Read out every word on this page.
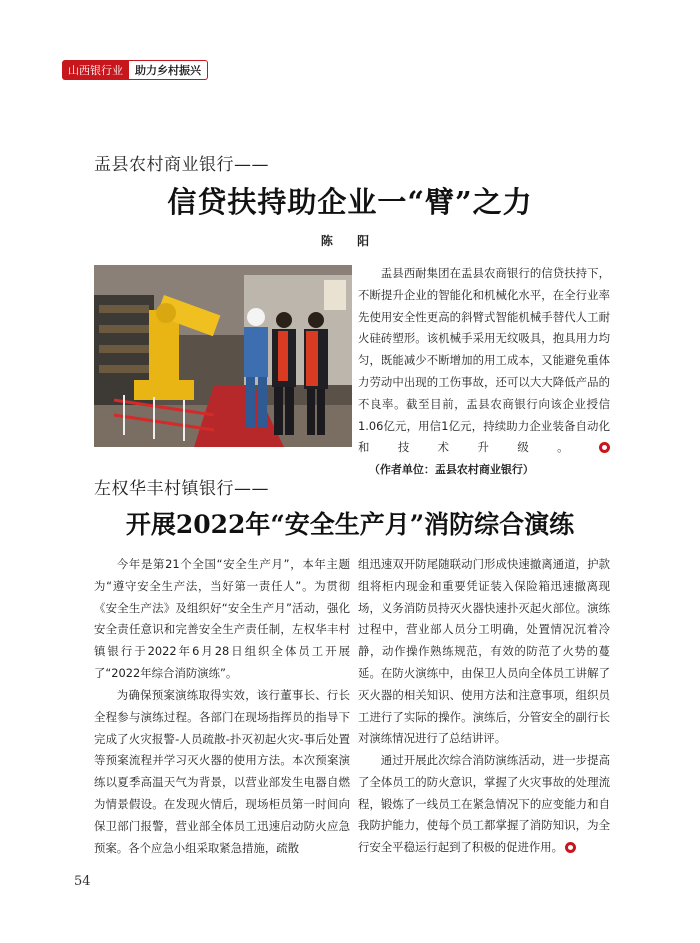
山西银行业	助力乡村振兴
盂县农村商业银行——
信贷扶持助企业一“臂”之力
陈 阳

盂县西耐集团在盂县农商银行的信贷扶持下，不断提升企业的智能化和机械化水平，在全行业率先使用安全性更高的斜臂式智能机械手替代人工耐火硅砖塑形。该机械手采用无纹吸具，抱具用力均匀，既能减少不断增加的用工成本，又能避免重体力劳动中出现的工伤事故，还可以大大降低产品的不良率。截至目前，盂县农商银行向该企业授信1.06亿元，用信1亿元，持续助力企业装备自动化和技术升级。   （作者单位：盂县农村商业银行）

左权华丰村镇银行——
开展2022年“安全生产月”消防综合演练

今年是第21个全国“安全生产月”，本年主题为“遵守安全生产法，当好第一责任人”。为贯彻《安全生产法》及组织好“安全生产月”活动，强化安全责任意识和完善安全生产责任制，左权华丰村镇银行于2022年6月28日组织全体员工开展了“2022年综合消防演练”。

为确保预案演练取得实效，该行董事长、行长全程参与演练过程。各部门在现场指挥员的指导下完成了火灾报警-人员疏散-扑灭初起火灾-事后处置等预案流程并学习灭火器的使用方法。本次预案演练以夏季高温天气为背景，以营业部发生电器自燃为情景假设。在发现火情后，现场柜员第一时间向保卫部门报警，营业部全体员工迅速启动防火应急预案。各个应急小组采取紧急措施，疏散

组迅速双开防尾随联动门形成快速撤离通道，护款组将柜内现金和重要凭证装入保险箱迅速撤离现场，义务消防员持灭火器快速扑灭起火部位。演练过程中，营业部人员分工明确，处置情况沉着冷静，动作操作熟练规范，有效的防范了火势的蔓延。在防火演练中，由保卫人员向全体员工讲解了灭火器的相关知识、使用方法和注意事项，组织员工进行了实际的操作。演练后，分管安全的副行长对演练情况进行了总结讲评。

通过开展此次综合消防演练活动，进一步提高了全体员工的防火意识，掌握了火灾事故的处理流程，锻炼了一线员工在紧急情况下的应变能力和自我防护能力，使每个员工都掌握了消防知识，为全行安全平稳运行起到了积极的促进作用。

54
